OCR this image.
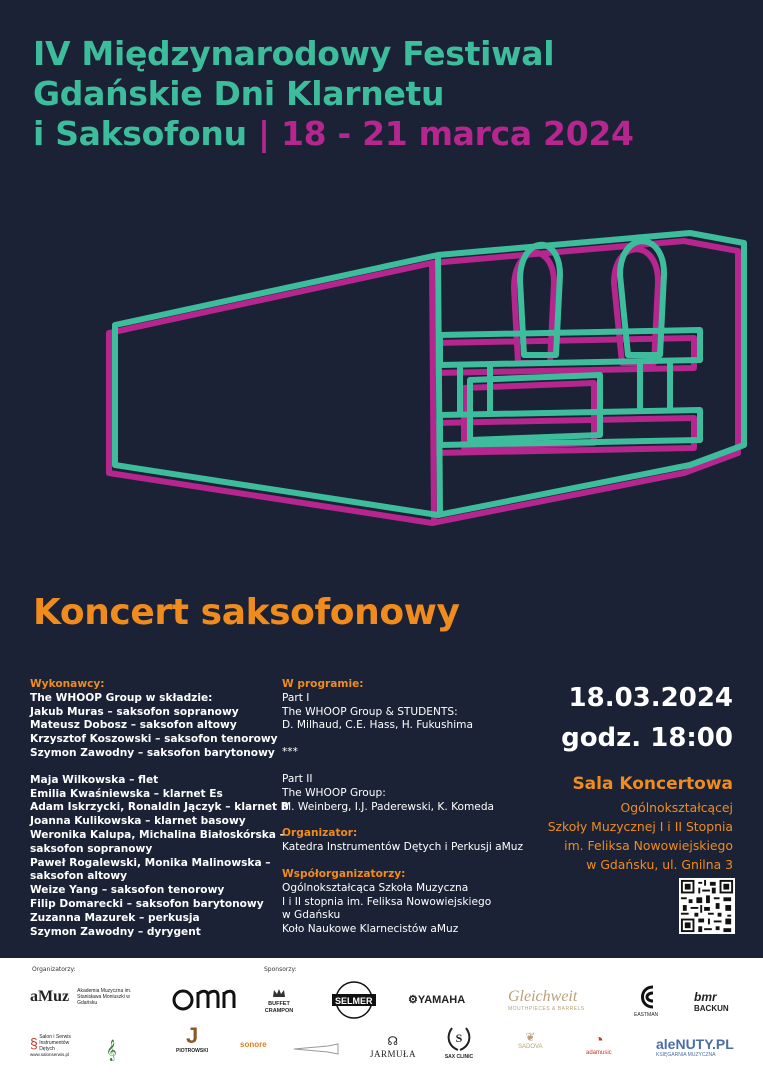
IV Międzynarodowy Festiwal
Gdańskie Dni Klarnetu
i Saksofonu | 18 - 21 marca 2024
Koncert saksofonowy
Wykonawcy:
The WHOOP Group w składzie:
Jakub Muras – saksofon sopranowy
Mateusz Dobosz – saksofon altowy
Krzysztof Koszowski – saksofon tenorowy
Szymon Zawodny – saksofon barytonowy
Maja Wilkowska – flet
Emilia Kwaśniewska – klarnet Es
Adam Iskrzycki, Ronaldin Jączyk – klarnet B
Joanna Kulikowska – klarnet basowy
Weronika Kalupa, Michalina Białoskórska –
saksofon sopranowy
Paweł Rogalewski, Monika Malinowska –
saksofon altowy
Weize Yang – saksofon tenorowy
Filip Domarecki – saksofon barytonowy
Zuzanna Mazurek – perkusja
Szymon Zawodny – dyrygent
W programie:
Part I
The WHOOP Group & STUDENTS:
D. Milhaud, C.E. Hass, H. Fukushima
***
Part II
The WHOOP Group:
M. Weinberg, I.J. Paderewski, K. Komeda
Organizator:
Katedra Instrumentów Dętych i Perkusji aMuz
Współorganizatorzy:
Ogólnokształcąca Szkoła Muzyczna
I i II stopnia im. Feliksa Nowowiejskiego
w Gdańsku
Koło Naukowe Klarnecistów aMuz
18.03.2024
godz. 18:00
Sala Koncertowa
Ogólnokształcącej
Szkoły Muzycznej I i II Stopnia
im. Feliksa Nowowiejskiego
w Gdańsku, ul. Gnilna 3
Organizatorzy:	Sponsorzy:
aMuz Akademia Muzyczna im. Stanisława Moniuszki w Gdańsku	BUFFET CRAMPON
SELMER	⚙YAMAHA	Gleichweit
MOUTHPIECES & BARRELS
EASTMAN
bmr
BACKUN
§ Salon i Serwis Instrumentów Dętych
www.salonserwis.pl	𝄞
J
PIOTROWSKI
sonore	☊
JARMUŁA
S
SAX CLINIC
❦
SADOVA	◔
adamusic
aleNUTY.PL
KSIĘGARNIA MUZYCZNA
